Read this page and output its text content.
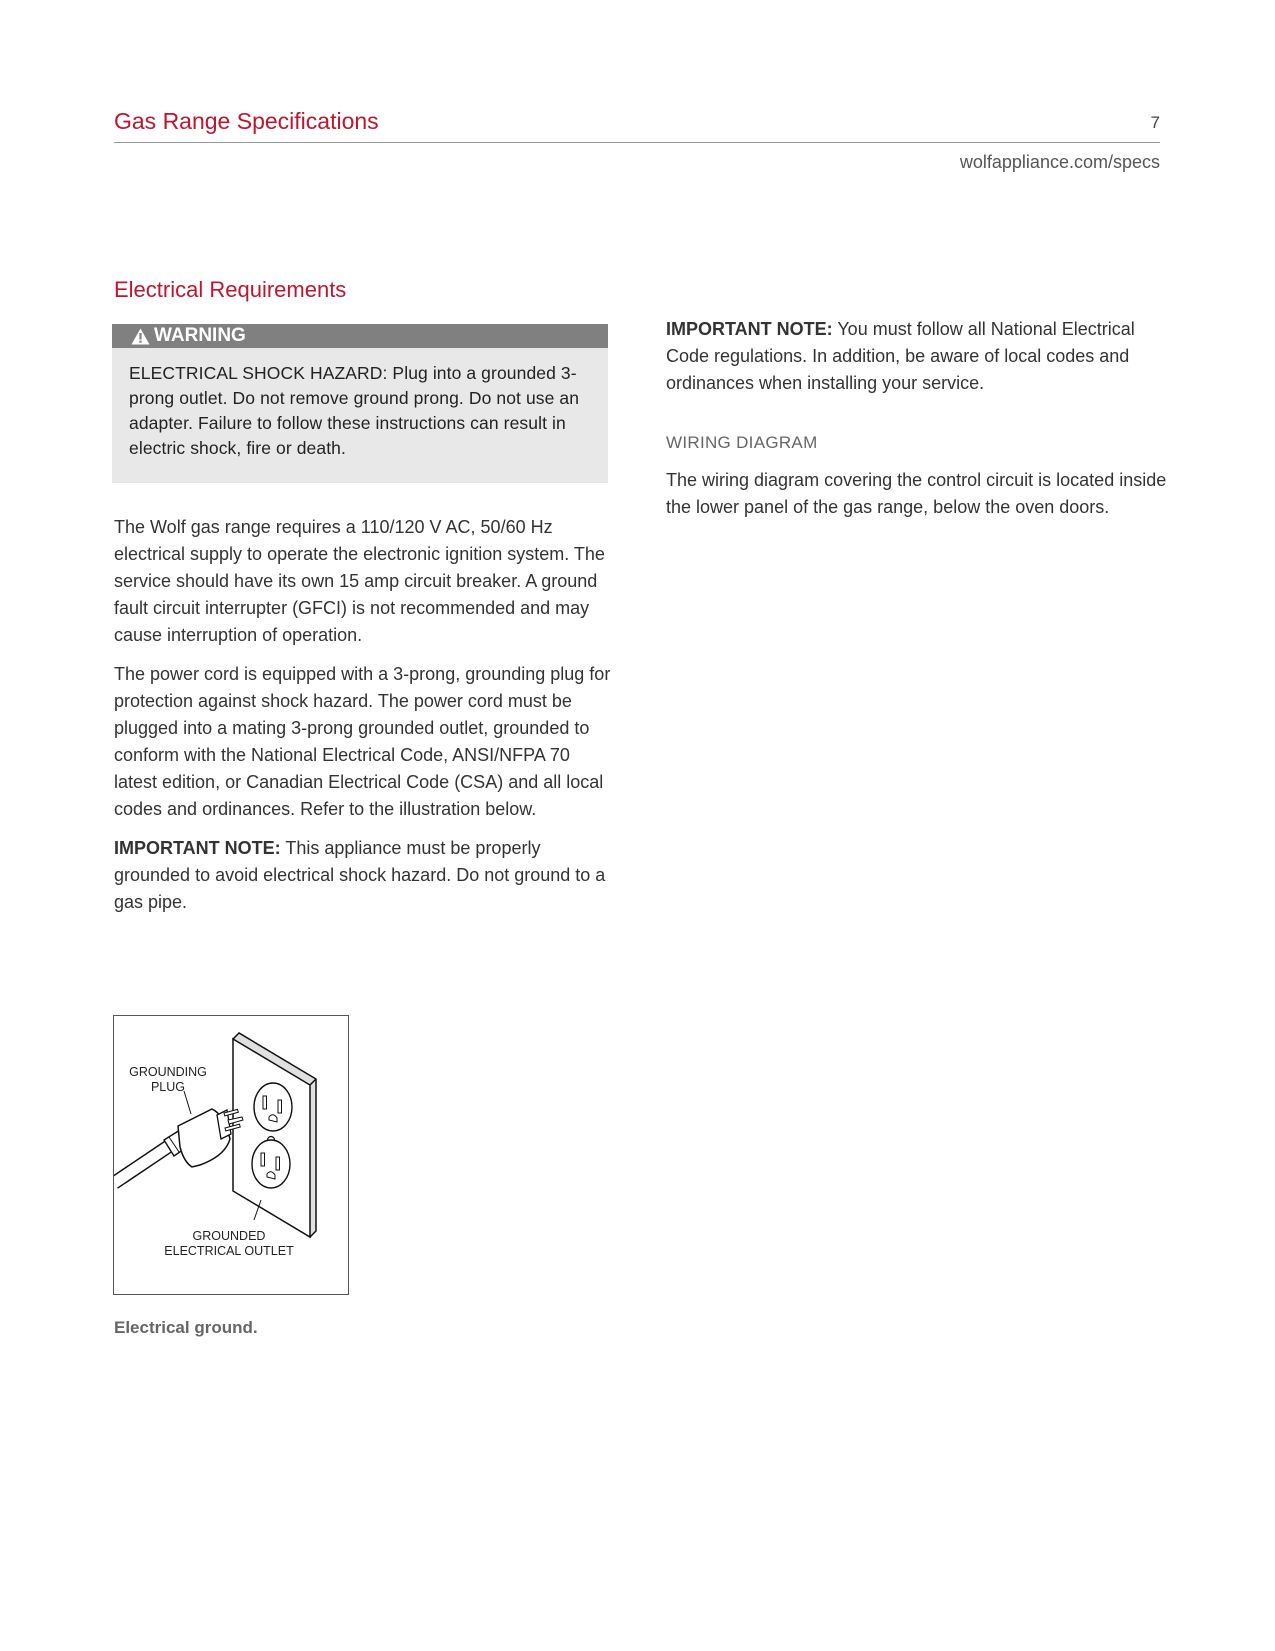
Gas Range Specifications	7
wolfappliance.com/specs
Electrical Requirements
WARNING
ELECTRICAL SHOCK HAZARD: Plug into a grounded 3-prong outlet. Do not remove ground prong. Do not use an adapter. Failure to follow these instructions can result in electric shock, fire or death.

The Wolf gas range requires a 110/120 V AC, 50/60 Hz electrical supply to operate the electronic ignition system. The service should have its own 15 amp circuit breaker. A ground fault circuit interrupter (GFCI) is not recommended and may cause interruption of operation.

The power cord is equipped with a 3-prong, grounding plug for protection against shock hazard. The power cord must be plugged into a mating 3-prong grounded outlet, grounded to conform with the National Electrical Code, ANSI/NFPA 70 latest edition, or Canadian Electrical Code (CSA) and all local codes and ordinances. Refer to the illustration below.

IMPORTANT NOTE: This appliance must be properly grounded to avoid electrical shock hazard. Do not ground to a gas pipe.

IMPORTANT NOTE: You must follow all National Electrical Code regulations. In addition, be aware of local codes and ordinances when installing your service.

WIRING DIAGRAM

The wiring diagram covering the control circuit is located inside the lower panel of the gas range, below the oven doors.

GROUNDING
PLUG
GROUNDED
ELECTRICAL OUTLET
Electrical ground.
